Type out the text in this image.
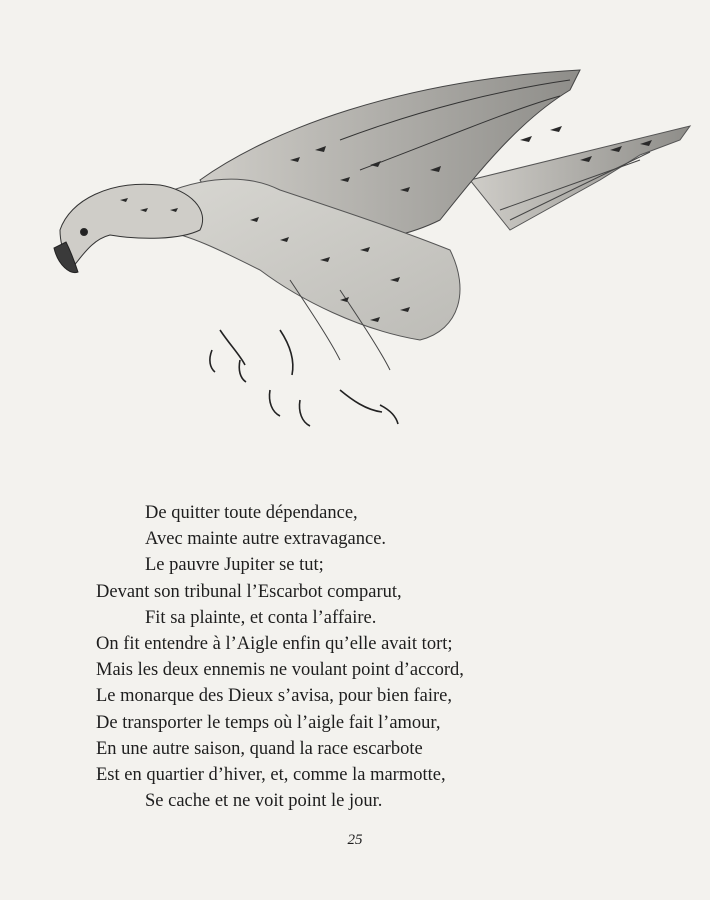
De quitter toute dépendance,
Avec mainte autre extravagance.
Le pauvre Jupiter se tut;
Devant son tribunal l’Escarbot comparut,
Fit sa plainte, et conta l’affaire.
On fit entendre à l’Aigle enfin qu’elle avait tort;
Mais les deux ennemis ne voulant point d’accord,
Le monarque des Dieux s’avisa, pour bien faire,
De transporter le temps où l’aigle fait l’amour,
En une autre saison, quand la race escarbote
Est en quartier d’hiver, et, comme la marmotte,
Se cache et ne voit point le jour.
25
